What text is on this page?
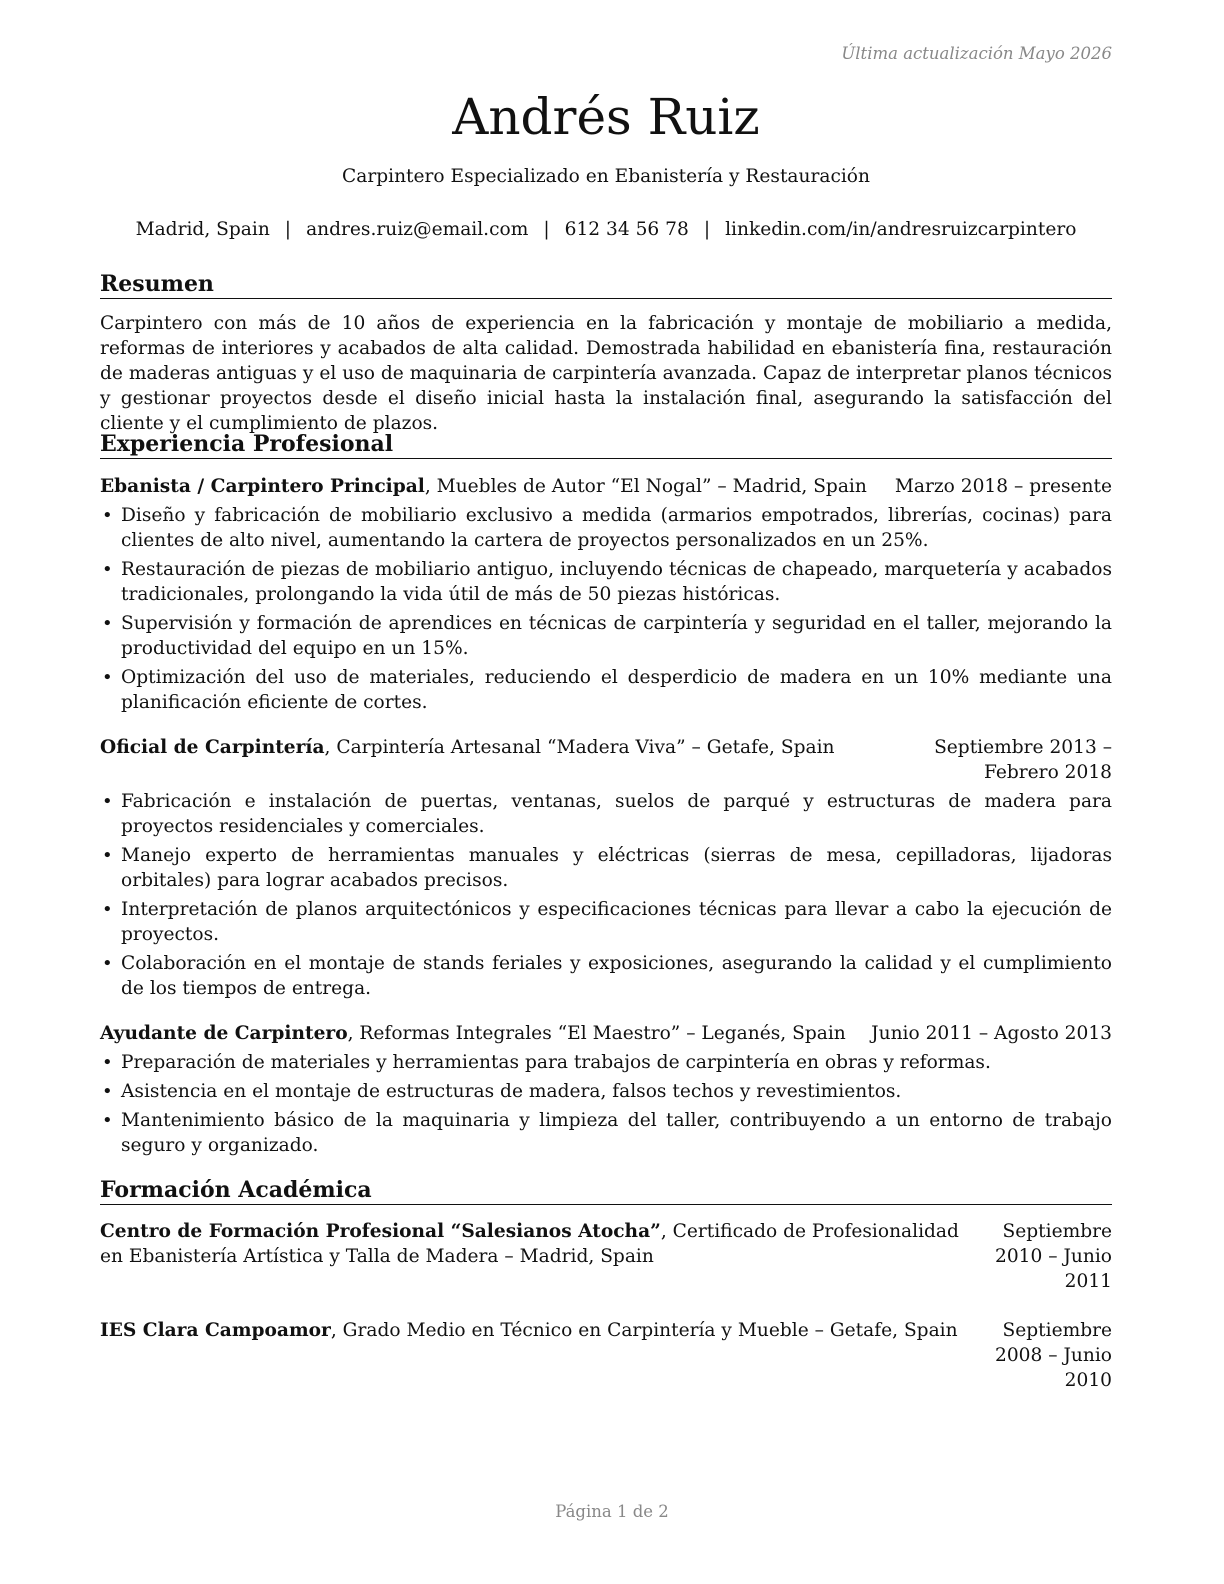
Última actualización Mayo 2026
Andrés Ruiz
Carpintero Especializado en Ebanistería y Restauración
Madrid, Spain | andres.ruiz@email.com | 612 34 56 78 | linkedin.com/in/andresruizcarpintero
Resumen

Carpintero con más de 10 años de experiencia en la fabricación y montaje de mobiliario a medida, reformas de interiores y acabados de alta calidad. Demostrada habilidad en ebanistería fina, restauración de maderas antiguas y el uso de maquinaria de carpintería avanzada. Capaz de interpretar planos técnicos y gestionar proyectos desde el diseño inicial hasta la instalación final, asegurando la satisfacción del cliente y el cumplimiento de plazos.

Experiencia Profesional
Ebanista / Carpintero Principal, Muebles de Autor “El Nogal” – Madrid, Spain	Marzo 2018 – presente
• Diseño y fabricación de mobiliario exclusivo a medida (armarios empotrados, librerías, cocinas) para clientes de alto nivel, aumentando la cartera de proyectos personalizados en un 25%.
• Restauración de piezas de mobiliario antiguo, incluyendo técnicas de chapeado, marquetería y acabados tradicionales, prolongando la vida útil de más de 50 piezas históricas.
• Supervisión y formación de aprendices en técnicas de carpintería y seguridad en el taller, mejorando la productividad del equipo en un 15%.
• Optimización del uso de materiales, reduciendo el desperdicio de madera en un 10% mediante una planificación eficiente de cortes.
Oficial de Carpintería, Carpintería Artesanal “Madera Viva” – Getafe, Spain	Septiembre 2013 – Febrero 2018
• Fabricación e instalación de puertas, ventanas, suelos de parqué y estructuras de madera para proyectos residenciales y comerciales.
• Manejo experto de herramientas manuales y eléctricas (sierras de mesa, cepilladoras, lijadoras orbitales) para lograr acabados precisos.
• Interpretación de planos arquitectónicos y especificaciones técnicas para llevar a cabo la ejecución de proyectos.
• Colaboración en el montaje de stands feriales y exposiciones, asegurando la calidad y el cumplimiento de los tiempos de entrega.
Ayudante de Carpintero, Reformas Integrales “El Maestro” – Leganés, Spain Junio 2011 – Agosto 2013
• Preparación de materiales y herramientas para trabajos de carpintería en obras y reformas.
• Asistencia en el montaje de estructuras de madera, falsos techos y revestimientos.
• Mantenimiento básico de la maquinaria y limpieza del taller, contribuyendo a un entorno de trabajo seguro y organizado.
Formación Académica
Centro de Formación Profesional “Salesianos Atocha”, Certificado de Profesionalidad en Ebanistería Artística y Talla de Madera – Madrid, Spain
Septiembre 2010 – Junio 2011
IES Clara Campoamor, Grado Medio en Técnico en Carpintería y Mueble – Getafe, Spain	Septiembre 2008 – Junio 2010
Página 1 de 2
